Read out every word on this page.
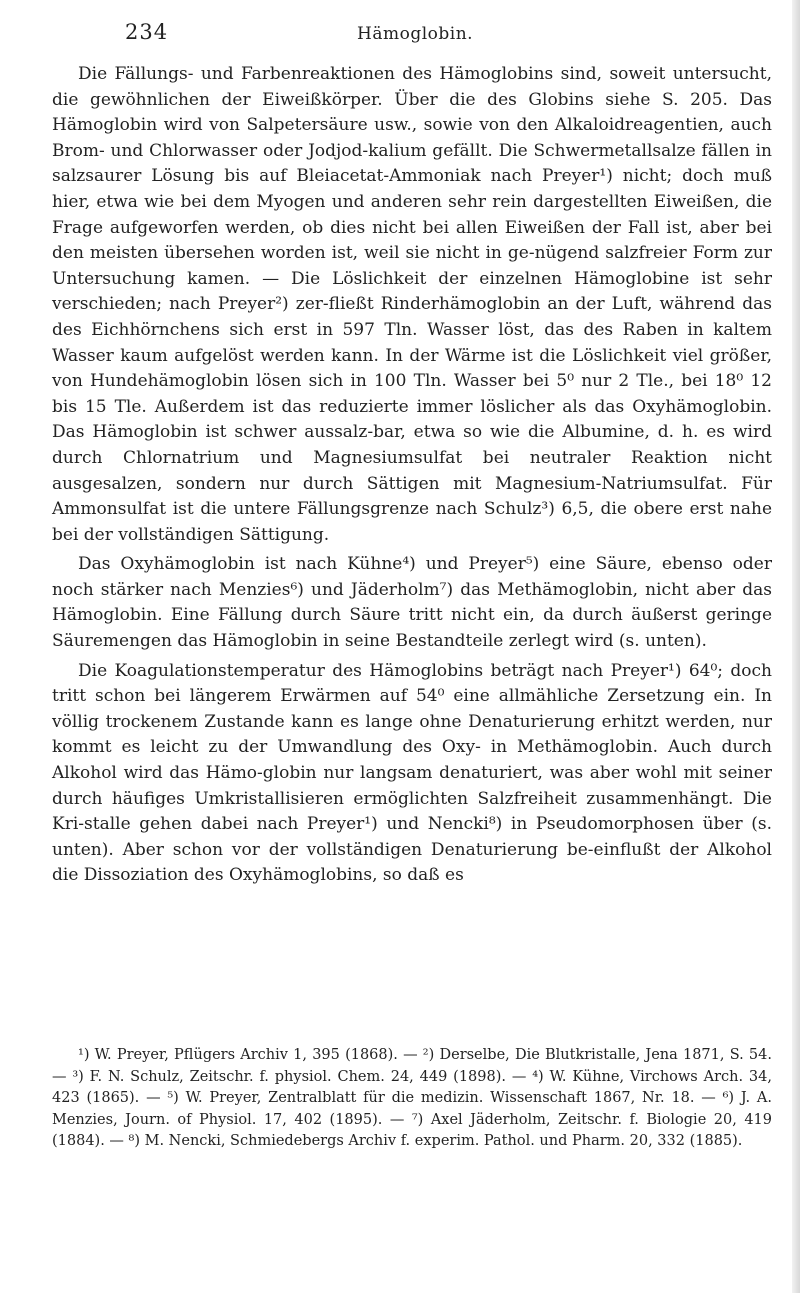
234	Hämoglobin.

Die Fällungs- und Farbenreaktionen des Hämoglobins sind, soweit untersucht, die gewöhnlichen der Eiweißkörper. Über die des Globins siehe S. 205. Das Hämoglobin wird von Salpetersäure usw., sowie von den Alkaloidreagentien, auch Brom- und Chlorwasser oder Jodjod-kalium gefällt. Die Schwermetallsalze fällen in salzsaurer Lösung bis auf Bleiacetat-Ammoniak nach Preyer¹) nicht; doch muß hier, etwa wie bei dem Myogen und anderen sehr rein dargestellten Eiweißen, die Frage aufgeworfen werden, ob dies nicht bei allen Eiweißen der Fall ist, aber bei den meisten übersehen worden ist, weil sie nicht in ge-nügend salzfreier Form zur Untersuchung kamen. — Die Löslichkeit der einzelnen Hämoglobine ist sehr verschieden; nach Preyer²) zer-fließt Rinderhämoglobin an der Luft, während das des Eichhörnchens sich erst in 597 Tln. Wasser löst, das des Raben in kaltem Wasser kaum aufgelöst werden kann. In der Wärme ist die Löslichkeit viel größer, von Hundehämoglobin lösen sich in 100 Tln. Wasser bei 5⁰ nur 2 Tle., bei 18⁰ 12 bis 15 Tle. Außerdem ist das reduzierte immer löslicher als das Oxyhämoglobin. Das Hämoglobin ist schwer aussalz-bar, etwa so wie die Albumine, d. h. es wird durch Chlornatrium und Magnesiumsulfat bei neutraler Reaktion nicht ausgesalzen, sondern nur durch Sättigen mit Magnesium-Natriumsulfat. Für Ammonsulfat ist die untere Fällungsgrenze nach Schulz³) 6,5, die obere erst nahe bei der vollständigen Sättigung.

Das Oxyhämoglobin ist nach Kühne⁴) und Preyer⁵) eine Säure, ebenso oder noch stärker nach Menzies⁶) und Jäderholm⁷) das Methämoglobin, nicht aber das Hämoglobin. Eine Fällung durch Säure tritt nicht ein, da durch äußerst geringe Säuremengen das Hämoglobin in seine Bestandteile zerlegt wird (s. unten).

Die Koagulationstemperatur des Hämoglobins beträgt nach Preyer¹) 64⁰; doch tritt schon bei längerem Erwärmen auf 54⁰ eine allmähliche Zersetzung ein. In völlig trockenem Zustande kann es lange ohne Denaturierung erhitzt werden, nur kommt es leicht zu der Umwandlung des Oxy- in Methämoglobin. Auch durch Alkohol wird das Hämo-globin nur langsam denaturiert, was aber wohl mit seiner durch häufiges Umkristallisieren ermöglichten Salzfreiheit zusammenhängt. Die Kri-stalle gehen dabei nach Preyer¹) und Nencki⁸) in Pseudomorphosen über (s. unten). Aber schon vor der vollständigen Denaturierung be-einflußt der Alkohol die Dissoziation des Oxyhämoglobins, so daß es

¹) W. Preyer, Pflügers Archiv 1, 395 (1868). — ²) Derselbe, Die Blutkristalle, Jena 1871, S. 54. — ³) F. N. Schulz, Zeitschr. f. physiol. Chem. 24, 449 (1898). — ⁴) W. Kühne, Virchows Arch. 34, 423 (1865). — ⁵) W. Preyer, Zentralblatt für die medizin. Wissenschaft 1867, Nr. 18. — ⁶) J. A. Menzies, Journ. of Physiol. 17, 402 (1895). — ⁷) Axel Jäderholm, Zeitschr. f. Biologie 20, 419 (1884). — ⁸) M. Nencki, Schmiedebergs Archiv f. experim. Pathol. und Pharm. 20, 332 (1885).
